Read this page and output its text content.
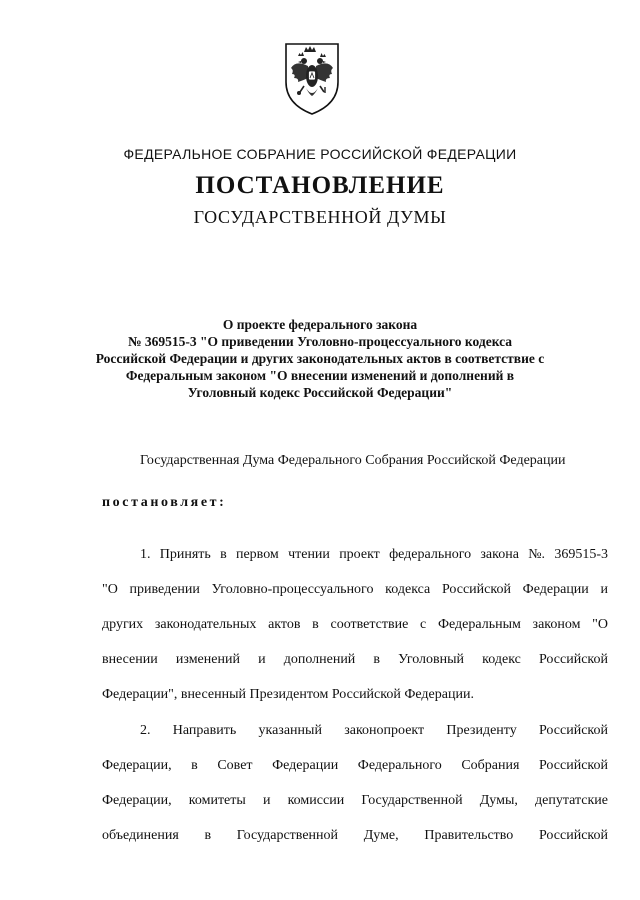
ФЕДЕРАЛЬНОЕ СОБРАНИЕ РОССИЙСКОЙ ФЕДЕРАЦИИ
ПОСТАНОВЛЕНИЕ
ГОСУДАРСТВЕННОЙ ДУМЫ
О проекте федерального закона
№ 369515-3 "О приведении Уголовно-процессуального кодекса
Российской Федерации и других законодательных актов в соответствие с
Федеральным законом "О внесении изменений и дополнений в
Уголовный кодекс Российской Федерации"
Государственная Дума Федерального Собрания Российской Федерации
постановляет:
1. Принять в первом чтении проект федерального закона №. 369515-3
"О приведении Уголовно-процессуального кодекса Российской Федерации и
других законодательных актов в соответствие с Федеральным законом "О
внесении изменений и дополнений в Уголовный кодекс Российской
Федерации", внесенный Президентом Российской Федерации.
2. Направить указанный законопроект Президенту Российской
Федерации, в Совет Федерации Федерального Собрания Российской
Федерации, комитеты и комиссии Государственной Думы, депутатские
объединения в Государственной Думе, Правительство Российской
